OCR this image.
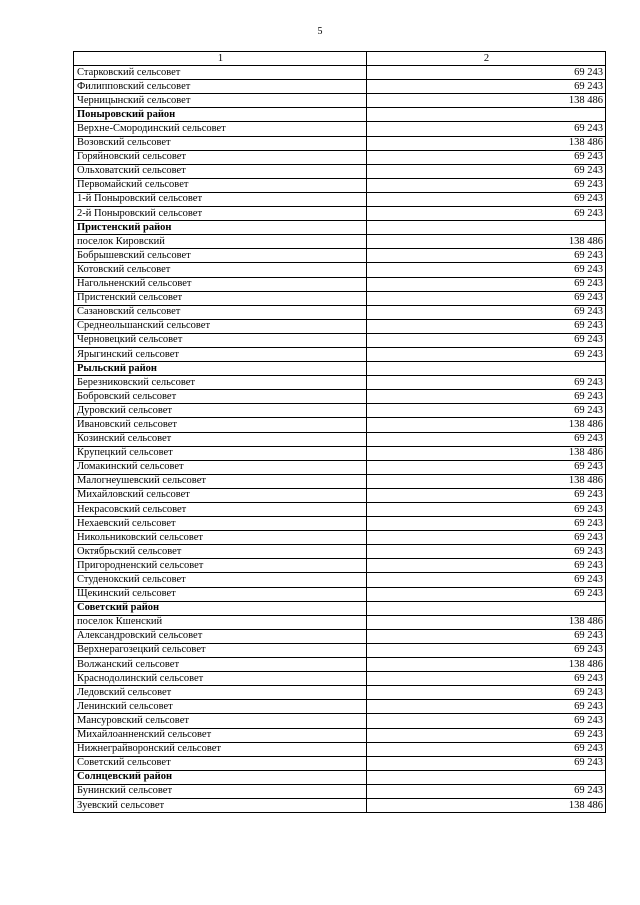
5
1	2
Старковский сельсовет	69 243
Филипповский сельсовет	69 243
Черницынский сельсовет	138 486
Поныровский район	
Верхне-Смородинский сельсовет	69 243
Возовский сельсовет	138 486
Горяйновский сельсовет	69 243
Ольховатский сельсовет	69 243
Первомайский сельсовет	69 243
1-й Поныровский сельсовет	69 243
2-й Поныровский сельсовет	69 243
Пристенский район	
поселок Кировский	138 486
Бобрышевский сельсовет	69 243
Котовский сельсовет	69 243
Нагольненский сельсовет	69 243
Пристенский сельсовет	69 243
Сазановский сельсовет	69 243
Среднеольшанский сельсовет	69 243
Черновецкий сельсовет	69 243
Ярыгинский сельсовет	69 243
Рыльский район	
Березниковский сельсовет	69 243
Бобровский сельсовет	69 243
Дуровский сельсовет	69 243
Ивановский сельсовет	138 486
Козинский сельсовет	69 243
Крупецкий сельсовет	138 486
Ломакинский сельсовет	69 243
Малогнеушевский сельсовет	138 486
Михайловский сельсовет	69 243
Некрасовский сельсовет	69 243
Нехаевский сельсовет	69 243
Никольниковский сельсовет	69 243
Октябрьский сельсовет	69 243
Пригородненский сельсовет	69 243
Студенокский сельсовет	69 243
Щекинский сельсовет	69 243
Советский район	
поселок Кшенский	138 486
Александровский сельсовет	69 243
Верхнерагозецкий сельсовет	69 243
Волжанский сельсовет	138 486
Краснодолинский сельсовет	69 243
Ледовский сельсовет	69 243
Ленинский сельсовет	69 243
Мансуровский сельсовет	69 243
Михайлоанненский сельсовет	69 243
Нижнеграйворонский сельсовет	69 243
Советский сельсовет	69 243
Солнцевский район	
Бунинский сельсовет	69 243
Зуевский сельсовет	138 486
